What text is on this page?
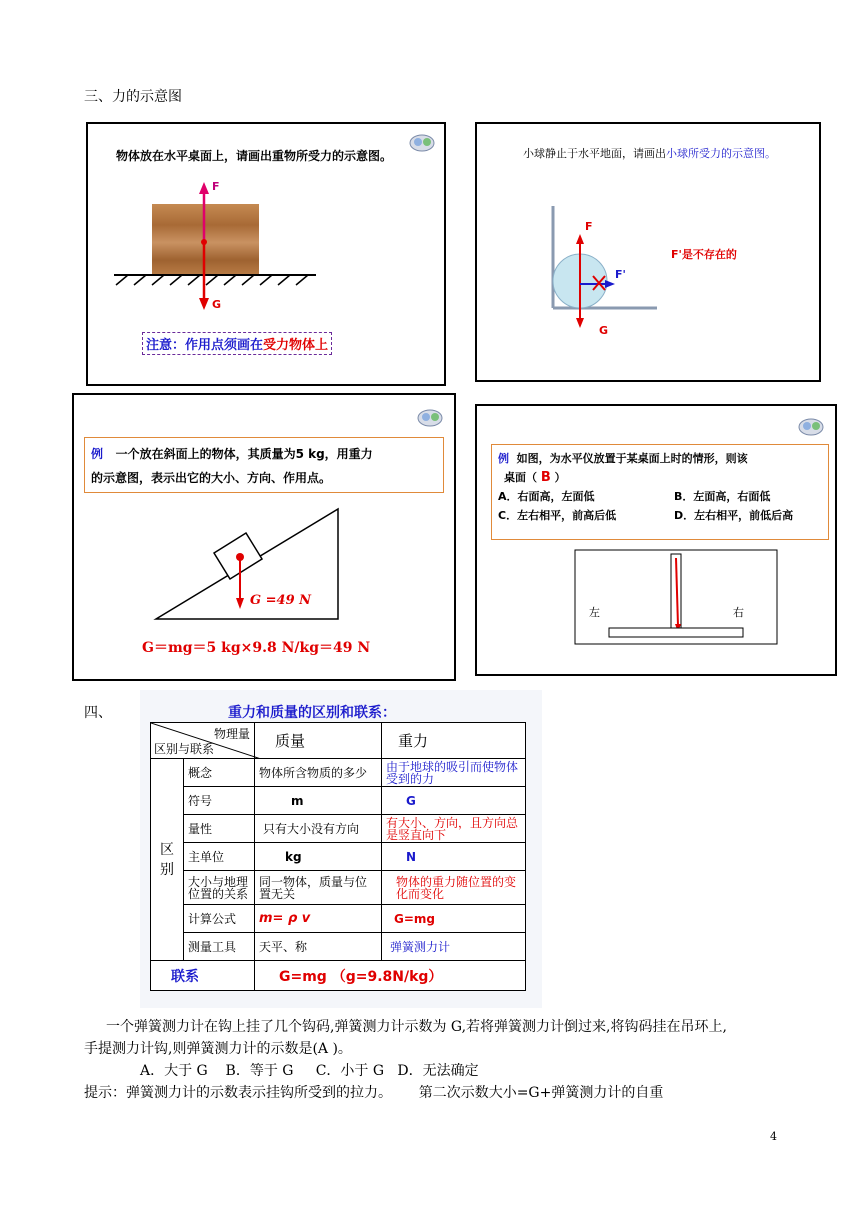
三、力的示意图
物体放在水平桌面上，请画出重物所受力的示意图。
F
G
注意：作用点须画在受力物体上
小球静止于水平地面，请画出小球所受力的示意图。
F
F'
G
F'是不存在的
例 一个放在斜面上的物体，其质量为5 kg，用重力
的示意图，表示出它的大小、方向、作用点。
G =49 N
G＝mg＝5 kg×9.8 N/kg＝49 N
例 如图，为水平仪放置于某桌面上时的情形，则该
桌面（ B ）
A．右面高，左面低	B．左面高，右面低
C．左右相平，前高后低	D．左右相平，前低后高
左	右
四、	重力和质量的区别和联系：
物理量
区别与联系		质量	重力

区
别	概念	物体所含物质的多少	由于地球的吸引而使物体受到的力
	符号	m	G
	量性	只有大小没有方向	有大小、方向，且方向总是竖直向下
	主单位	kg	N
	大小与地理位置的关系	同一物体，质量与位置无关	物体的重力随位置的变化而变化
	计算公式	m= ρ v	G=mg
	测量工具	天平、称	弹簧测力计
联系		G=mg （g=9.8N/kg）	
一个弹簧测力计在钩上挂了几个钩码,弹簧测力计示数为 G,若将弹簧测力计倒过来,将钩码挂在吊环上,
手提测力计钩,则弹簧测力计的示数是(A )。
A．大于 G    B．等于 G     C．小于 G   D．无法确定
提示：弹簧测力计的示数表示挂钩所受到的拉力。      第二次示数大小=G+弹簧测力计的自重
4
